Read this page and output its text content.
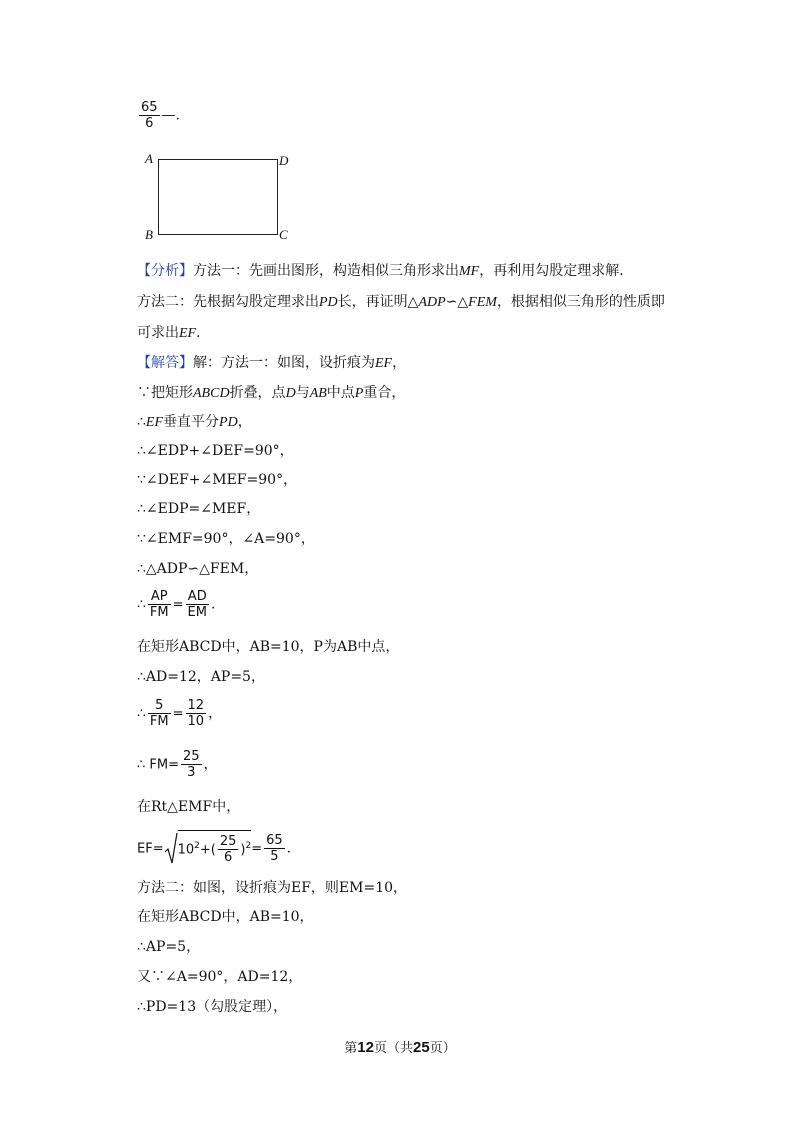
$\frac{65}{6}$ —.
A	D
B	C
【分析】方法一：先画出图形，构造相似三角形求出MF，再利用勾股定理求解．
方法二：先根据勾股定理求出PD长，再证明△ADP∽△FEM，根据相似三角形的性质即
可求出EF．
【解答】解：方法一：如图，设折痕为EF，
∵把矩形ABCD折叠，点D与AB中点P重合，
∴EF垂直平分PD，
∴∠EDP+∠DEF=90°，
∵∠DEF+∠MEF=90°，
∴∠EDP=∠MEF，
∵∠EMF=90°，∠A=90°，
∴△ADP∽△FEM，
∴ $\frac{AP}{FM} = \frac{AD}{EM}$ .
在矩形ABCD中，AB=10，P为AB中点，
∴AD=12，AP=5，
∴ $\frac{5}{FM} = \frac{12}{10}$ ，
∴ $FM= \frac{25}{3}$ ，
在Rt△EMF中，
$EF= 10^2+( \frac{25}{6} )^2= \frac{65}{5}$ .
方法二：如图，设折痕为EF，则EM=10，
在矩形ABCD中，AB=10，
∴AP=5，
又∵∠A=90°，AD=12，
∴PD=13（勾股定理），
第12页（共25页）
